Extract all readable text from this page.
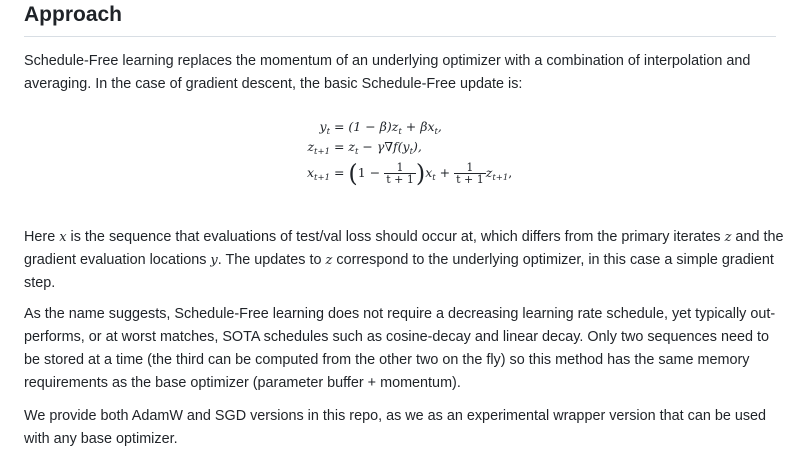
Approach

Schedule-Free learning replaces the momentum of an underlying optimizer with a combination of interpolation and averaging. In the case of gradient descent, the basic Schedule-Free update is:

$y_t = (1 - \beta)z_t + \beta x_t$,
$z_{t+1} = z_t - \gamma\nabla f(y_t)$,
$x_{t+1} = (1 - \frac{1}{t + 1} )x_t + \frac{1}{t + 1} z_{t+1}$,

Here x is the sequence that evaluations of test/val loss should occur at, which differs from the primary iterates z and the gradient evaluation locations y. The updates to z correspond to the underlying optimizer, in this case a simple gradient step.

As the name suggests, Schedule-Free learning does not require a decreasing learning rate schedule, yet typically out-performs, or at worst matches, SOTA schedules such as cosine-decay and linear decay. Only two sequences need to be stored at a time (the third can be computed from the other two on the fly) so this method has the same memory requirements as the base optimizer (parameter buffer + momentum).

We provide both AdamW and SGD versions in this repo, as we as an experimental wrapper version that can be used with any base optimizer.
